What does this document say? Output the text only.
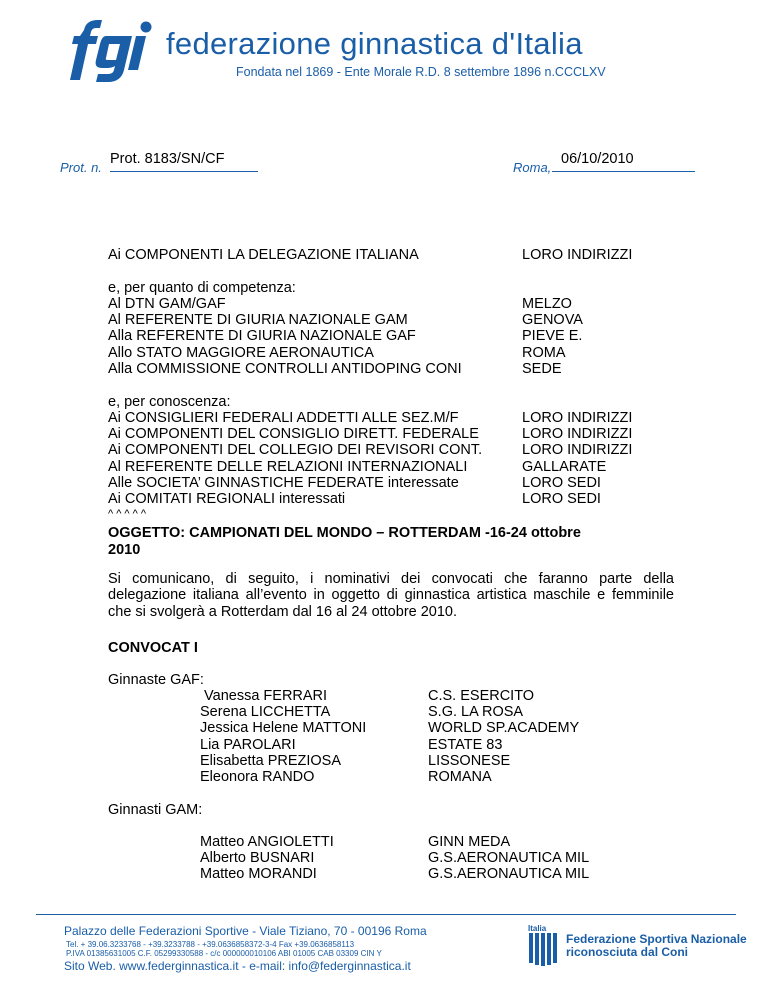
federazione ginnastica d'Italia
Fondata nel 1869 - Ente Morale R.D. 8 settembre 1896 n.CCCLXV
Prot. n.
Prot. 8183/SN/CF
Roma,
06/10/2010
Ai COMPONENTI LA DELEGAZIONE ITALIANA	LORO INDIRIZZI
e, per quanto di competenza:
Al DTN GAM/GAF
Al REFERENTE DI GIURIA NAZIONALE GAM
Alla REFERENTE DI GIURIA NAZIONALE GAF
Allo STATO MAGGIORE AERONAUTICA
Alla COMMISSIONE CONTROLLI ANTIDOPING CONI
MELZO
GENOVA
PIEVE E.
ROMA
SEDE
e, per conoscenza:
Ai CONSIGLIERI FEDERALI ADDETTI ALLE SEZ.M/F
Ai COMPONENTI DEL CONSIGLIO DIRETT. FEDERALE
Ai COMPONENTI DEL COLLEGIO DEI REVISORI CONT.
Al REFERENTE DELLE RELAZIONI INTERNAZIONALI
Alle SOCIETA’ GINNASTICHE FEDERATE interessate
Ai COMITATI REGIONALI interessati
LORO INDIRIZZI
LORO INDIRIZZI
LORO INDIRIZZI
GALLARATE
LORO SEDI
LORO SEDI
^ ^ ^ ^ ^
OGGETTO: CAMPIONATI DEL MONDO – ROTTERDAM -16-24 ottobre
2010
Si comunicano, di seguito, i nominativi dei convocati che faranno parte della delegazione italiana all’evento in oggetto di ginnastica artistica maschile e femminile che si svolgerà a Rotterdam dal 16 al 24 ottobre 2010.
CONVOCAT I
Ginnaste GAF:
Vanessa FERRARI
Serena LICCHETTA
Jessica Helene MATTONI
Lia PAROLARI
Elisabetta PREZIOSA
Eleonora RANDO
C.S. ESERCITO
S.G. LA ROSA
WORLD SP.ACADEMY
ESTATE 83
LISSONESE
ROMANA
Ginnasti GAM:
Matteo ANGIOLETTI
Alberto BUSNARI
Matteo MORANDI
GINN MEDA
G.S.AERONAUTICA MIL
G.S.AERONAUTICA MIL
Palazzo delle Federazioni Sportive - Viale Tiziano, 70 - 00196 Roma
Tel. + 39.06.3233768 - +39.3233788 - +39.0636858372-3-4 Fax +39.0636858113
P.IVA 01385631005 C.F. 05299330588 - c/c 000000010106 ABI 01005 CAB 03309 CIN Y
Sito Web. www.federginnastica.it - e-mail: info@federginnastica.it
Italia
Federazione Sportiva Nazionale
riconosciuta dal Coni
